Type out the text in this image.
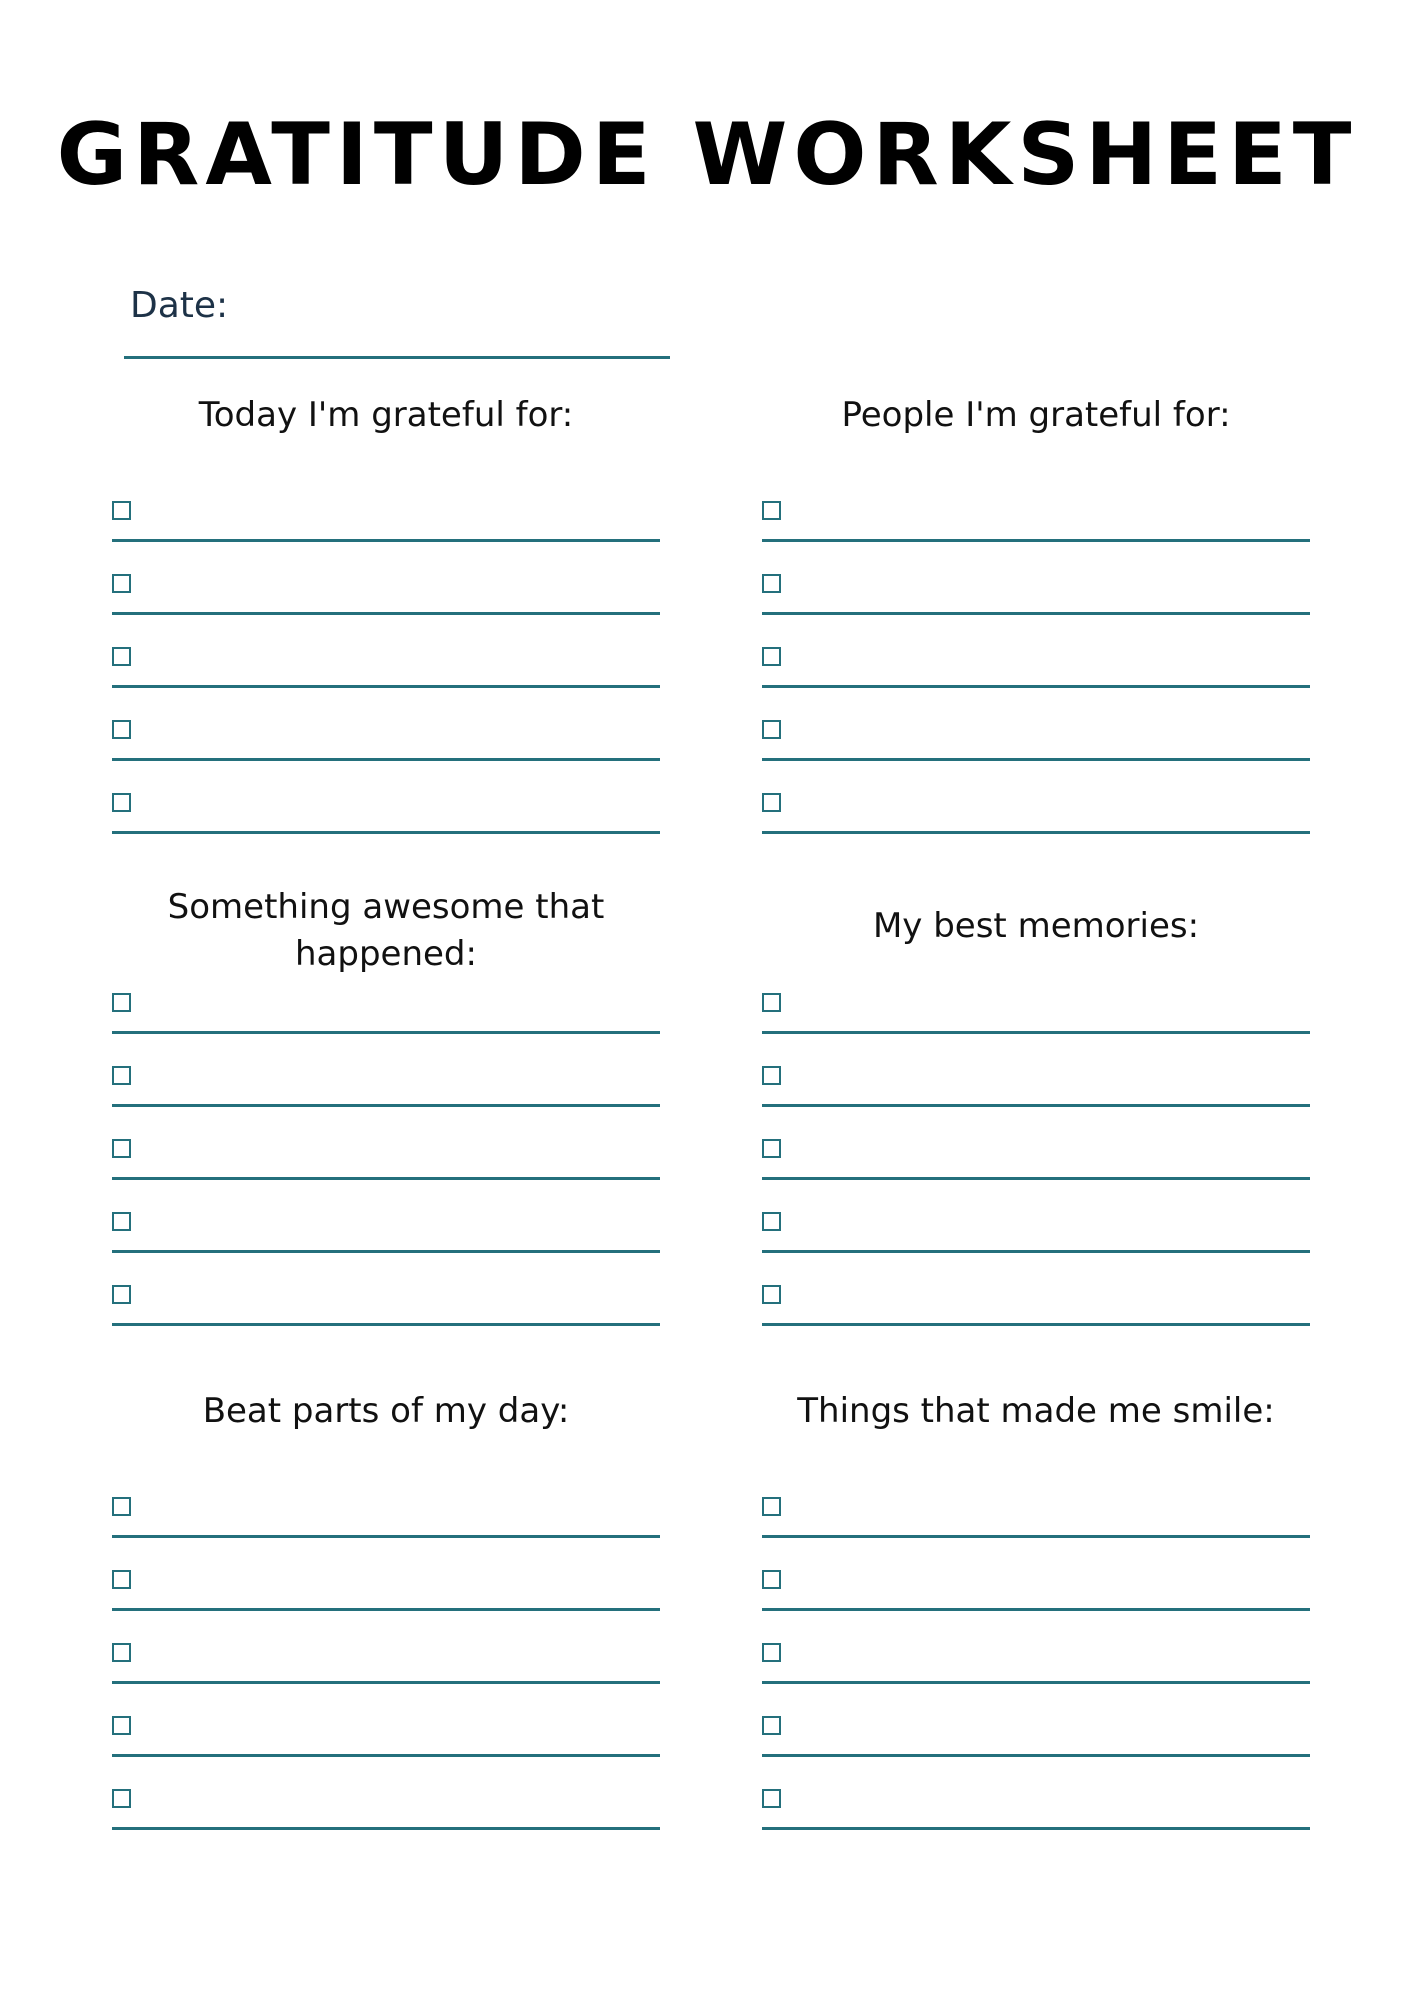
GRATITUDE WORKSHEET
Date:
Today I'm grateful for:	People I'm grateful for:
Something awesome that happened:
My best memories:
Beat parts of my day:	Things that made me smile:
